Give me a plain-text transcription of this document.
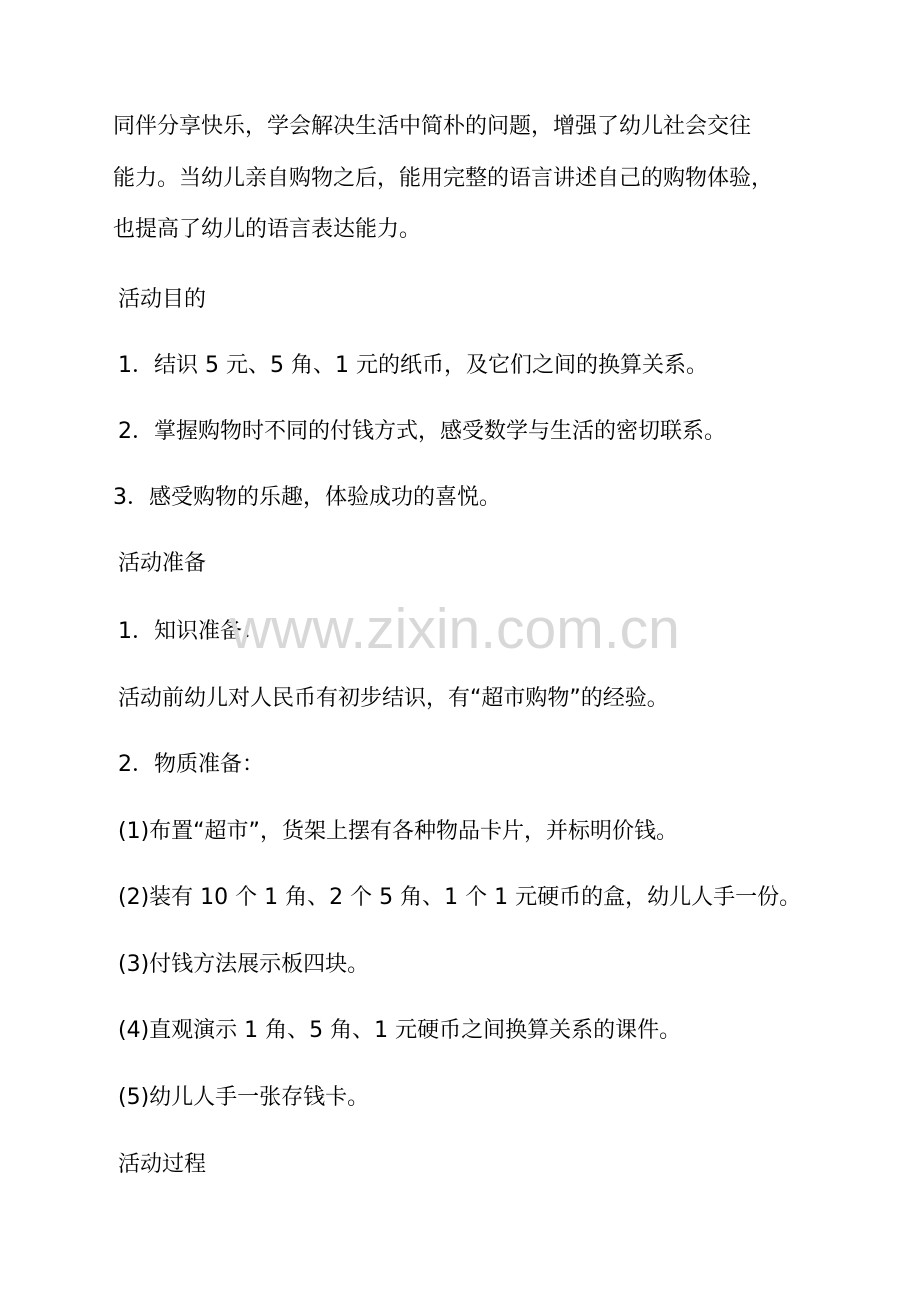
同伴分享快乐，学会解决生活中简朴的问题，增强了幼儿社会交往
能力。当幼儿亲自购物之后，能用完整的语言讲述自己的购物体验，
也提高了幼儿的语言表达能力。
活动目的
1．结识 5 元、5 角、1 元的纸币，及它们之间的换算关系。
2．掌握购物时不同的付钱方式，感受数学与生活的密切联系。
3．感受购物的乐趣，体验成功的喜悦。
活动准备
1．知识准备：
活动前幼儿对人民币有初步结识，有“超市购物”的经验。
2．物质准备：
(1)布置“超市”，货架上摆有各种物品卡片，并标明价钱。
(2)装有 10 个 1 角、2 个 5 角、1 个 1 元硬币的盒，幼儿人手一份。
(3)付钱方法展示板四块。
(4)直观演示 1 角、5 角、1 元硬币之间换算关系的课件。
(5)幼儿人手一张存钱卡。
活动过程
www.zixin.com.cn
